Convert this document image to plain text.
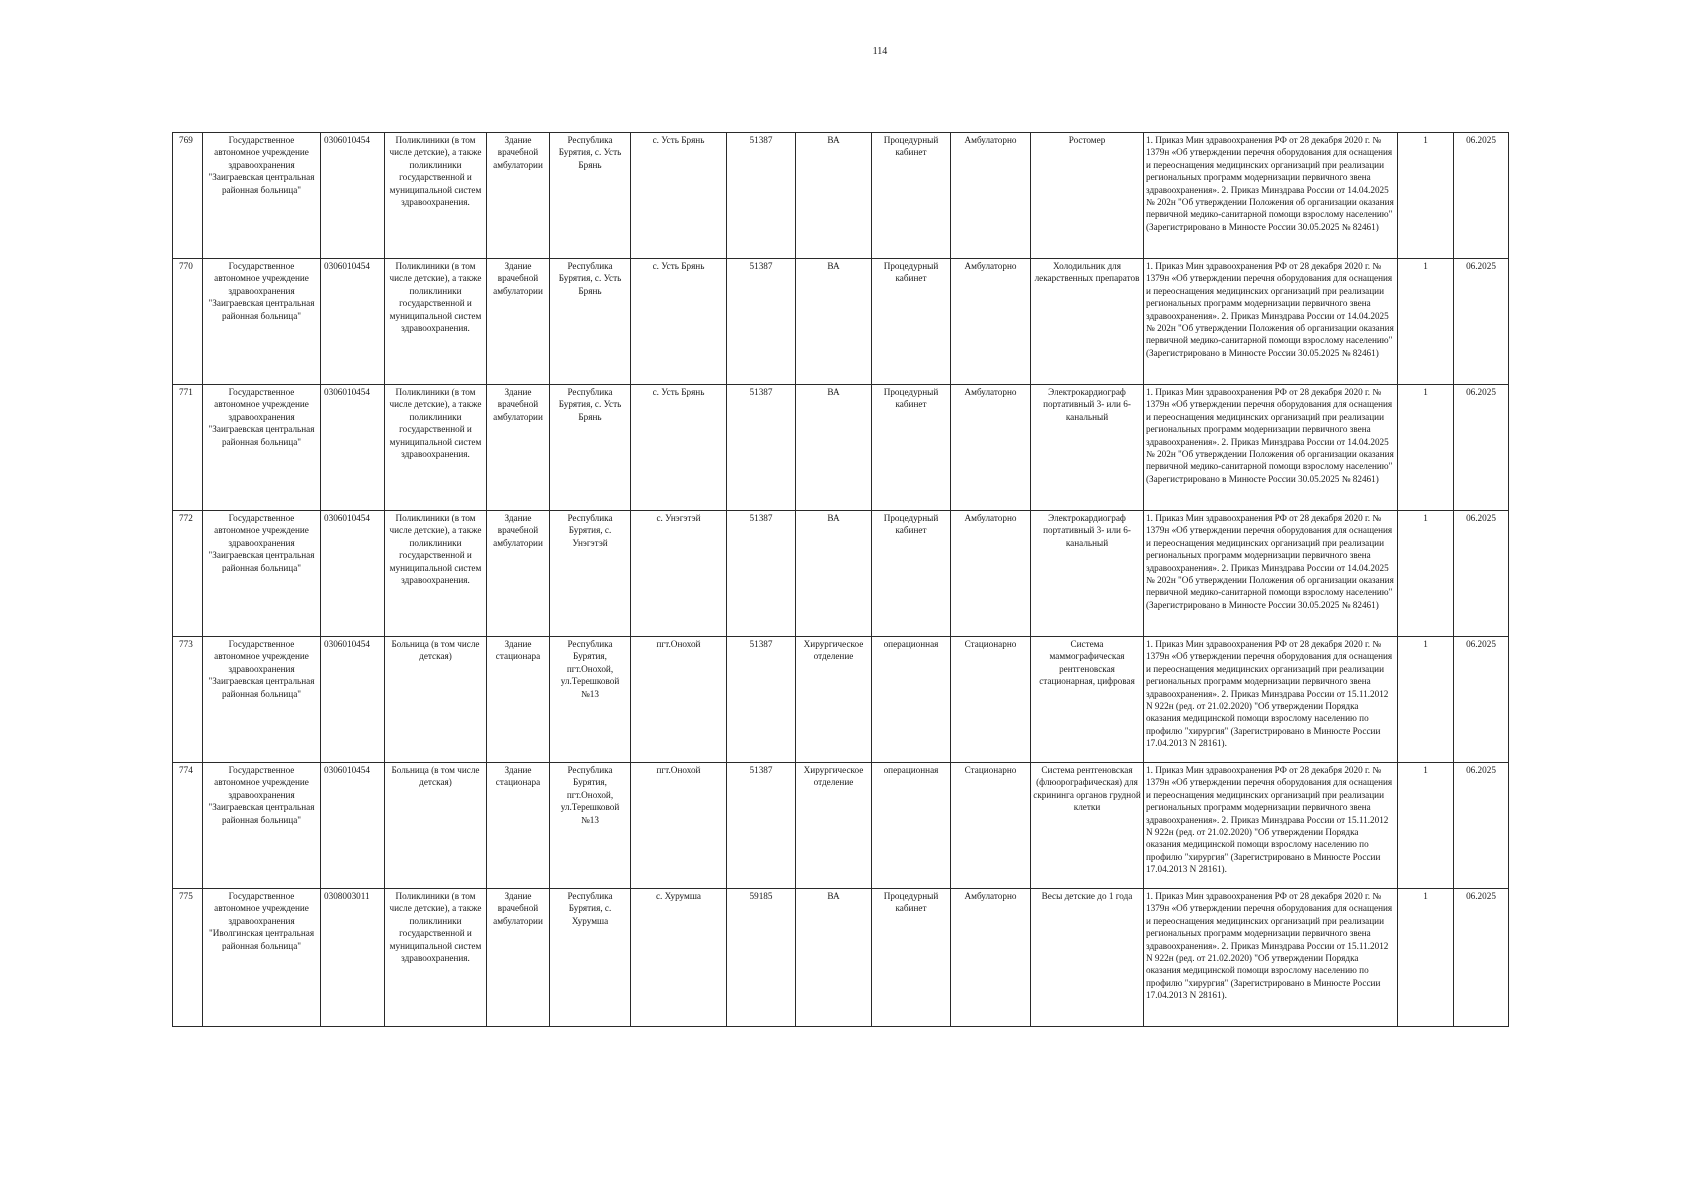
114
769	Государственное автономное учреждение здравоохранения "Заиграевская центральная районная больница"	0306010454	Поликлиники (в том числе детские), а также поликлиники государственной и муниципальной систем здравоохранения.	Здание врачебной амбулатории	Республика Бурятия, с. Усть Брянь	с. Усть Брянь	51387	ВА	Процедурный кабинет	Амбулаторно	Ростомер	1. Приказ Мин здравоохранения РФ от 28 декабря 2020 г. № 1379н «Об утверждении перечня оборудования для оснащения и переоснащения медицинских организаций при реализации региональных программ модернизации первичного звена здравоохранения». 2. Приказ Минздрава России от 14.04.2025 № 202н "Об утверждении Положения об организации оказания первичной медико-санитарной помощи взрослому населению" (Зарегистрировано в Минюсте России 30.05.2025 № 82461)	1	06.2025
770	Государственное автономное учреждение здравоохранения "Заиграевская центральная районная больница"	0306010454	Поликлиники (в том числе детские), а также поликлиники государственной и муниципальной систем здравоохранения.	Здание врачебной амбулатории	Республика Бурятия, с. Усть Брянь	с. Усть Брянь	51387	ВА	Процедурный кабинет	Амбулаторно	Холодильник для лекарственных препаратов	1. Приказ Мин здравоохранения РФ от 28 декабря 2020 г. № 1379н «Об утверждении перечня оборудования для оснащения и переоснащения медицинских организаций при реализации региональных программ модернизации первичного звена здравоохранения». 2. Приказ Минздрава России от 14.04.2025 № 202н "Об утверждении Положения об организации оказания первичной медико-санитарной помощи взрослому населению" (Зарегистрировано в Минюсте России 30.05.2025 № 82461)	1	06.2025
771	Государственное автономное учреждение здравоохранения "Заиграевская центральная районная больница"	0306010454	Поликлиники (в том числе детские), а также поликлиники государственной и муниципальной систем здравоохранения.	Здание врачебной амбулатории	Республика Бурятия, с. Усть Брянь	с. Усть Брянь	51387	ВА	Процедурный кабинет	Амбулаторно	Электрокардиограф портативный 3- или 6-канальный	1. Приказ Мин здравоохранения РФ от 28 декабря 2020 г. № 1379н «Об утверждении перечня оборудования для оснащения и переоснащения медицинских организаций при реализации региональных программ модернизации первичного звена здравоохранения». 2. Приказ Минздрава России от 14.04.2025 № 202н "Об утверждении Положения об организации оказания первичной медико-санитарной помощи взрослому населению" (Зарегистрировано в Минюсте России 30.05.2025 № 82461)	1	06.2025
772	Государственное автономное учреждение здравоохранения "Заиграевская центральная районная больница"	0306010454	Поликлиники (в том числе детские), а также поликлиники государственной и муниципальной систем здравоохранения.	Здание врачебной амбулатории	Республика Бурятия, с. Унэгэтэй	с. Унэгэтэй	51387	ВА	Процедурный кабинет	Амбулаторно	Электрокардиограф портативный 3- или 6-канальный	1. Приказ Мин здравоохранения РФ от 28 декабря 2020 г. № 1379н «Об утверждении перечня оборудования для оснащения и переоснащения медицинских организаций при реализации региональных программ модернизации первичного звена здравоохранения». 2. Приказ Минздрава России от 14.04.2025 № 202н "Об утверждении Положения об организации оказания первичной медико-санитарной помощи взрослому населению" (Зарегистрировано в Минюсте России 30.05.2025 № 82461)	1	06.2025
773	Государственное автономное учреждение здравоохранения "Заиграевская центральная районная больница"	0306010454	Больница (в том числе детская)	Здание стационара	Республика Бурятия, пгт.Онохой, ул.Терешковой №13	пгт.Онохой	51387	Хирургическое отделение	операционная	Стационарно	Система маммографическая рентгеновская стационарная, цифровая	1. Приказ Мин здравоохранения РФ от 28 декабря 2020 г. № 1379н «Об утверждении перечня оборудования для оснащения и переоснащения медицинских организаций при реализации региональных программ модернизации первичного звена здравоохранения». 2. Приказ Минздрава России от 15.11.2012 N 922н (ред. от 21.02.2020) "Об утверждении Порядка оказания медицинской помощи взрослому населению по профилю "хирургия" (Зарегистрировано в Минюсте России 17.04.2013 N 28161).	1	06.2025
774	Государственное автономное учреждение здравоохранения "Заиграевская центральная районная больница"	0306010454	Больница (в том числе детская)	Здание стационара	Республика Бурятия, пгт.Онохой, ул.Терешковой №13	пгт.Онохой	51387	Хирургическое отделение	операционная	Стационарно	Система рентгеновская (флюорографическая) для скрининга органов грудной клетки	1. Приказ Мин здравоохранения РФ от 28 декабря 2020 г. № 1379н «Об утверждении перечня оборудования для оснащения и переоснащения медицинских организаций при реализации региональных программ модернизации первичного звена здравоохранения». 2. Приказ Минздрава России от 15.11.2012 N 922н (ред. от 21.02.2020) "Об утверждении Порядка оказания медицинской помощи взрослому населению по профилю "хирургия" (Зарегистрировано в Минюсте России 17.04.2013 N 28161).	1	06.2025
775	Государственное автономное учреждение здравоохранения "Иволгинская центральная районная больница"	0308003011	Поликлиники (в том числе детские), а также поликлиники государственной и муниципальной систем здравоохранения.	Здание врачебной амбулатории	Республика Бурятия, с. Хурумша	с. Хурумша	59185	ВА	Процедурный кабинет	Амбулаторно	Весы детские до 1 года	1. Приказ Мин здравоохранения РФ от 28 декабря 2020 г. № 1379н «Об утверждении перечня оборудования для оснащения и переоснащения медицинских организаций при реализации региональных программ модернизации первичного звена здравоохранения». 2. Приказ Минздрава России от 15.11.2012 N 922н (ред. от 21.02.2020) "Об утверждении Порядка оказания медицинской помощи взрослому населению по профилю "хирургия" (Зарегистрировано в Минюсте России 17.04.2013 N 28161).	1	06.2025
